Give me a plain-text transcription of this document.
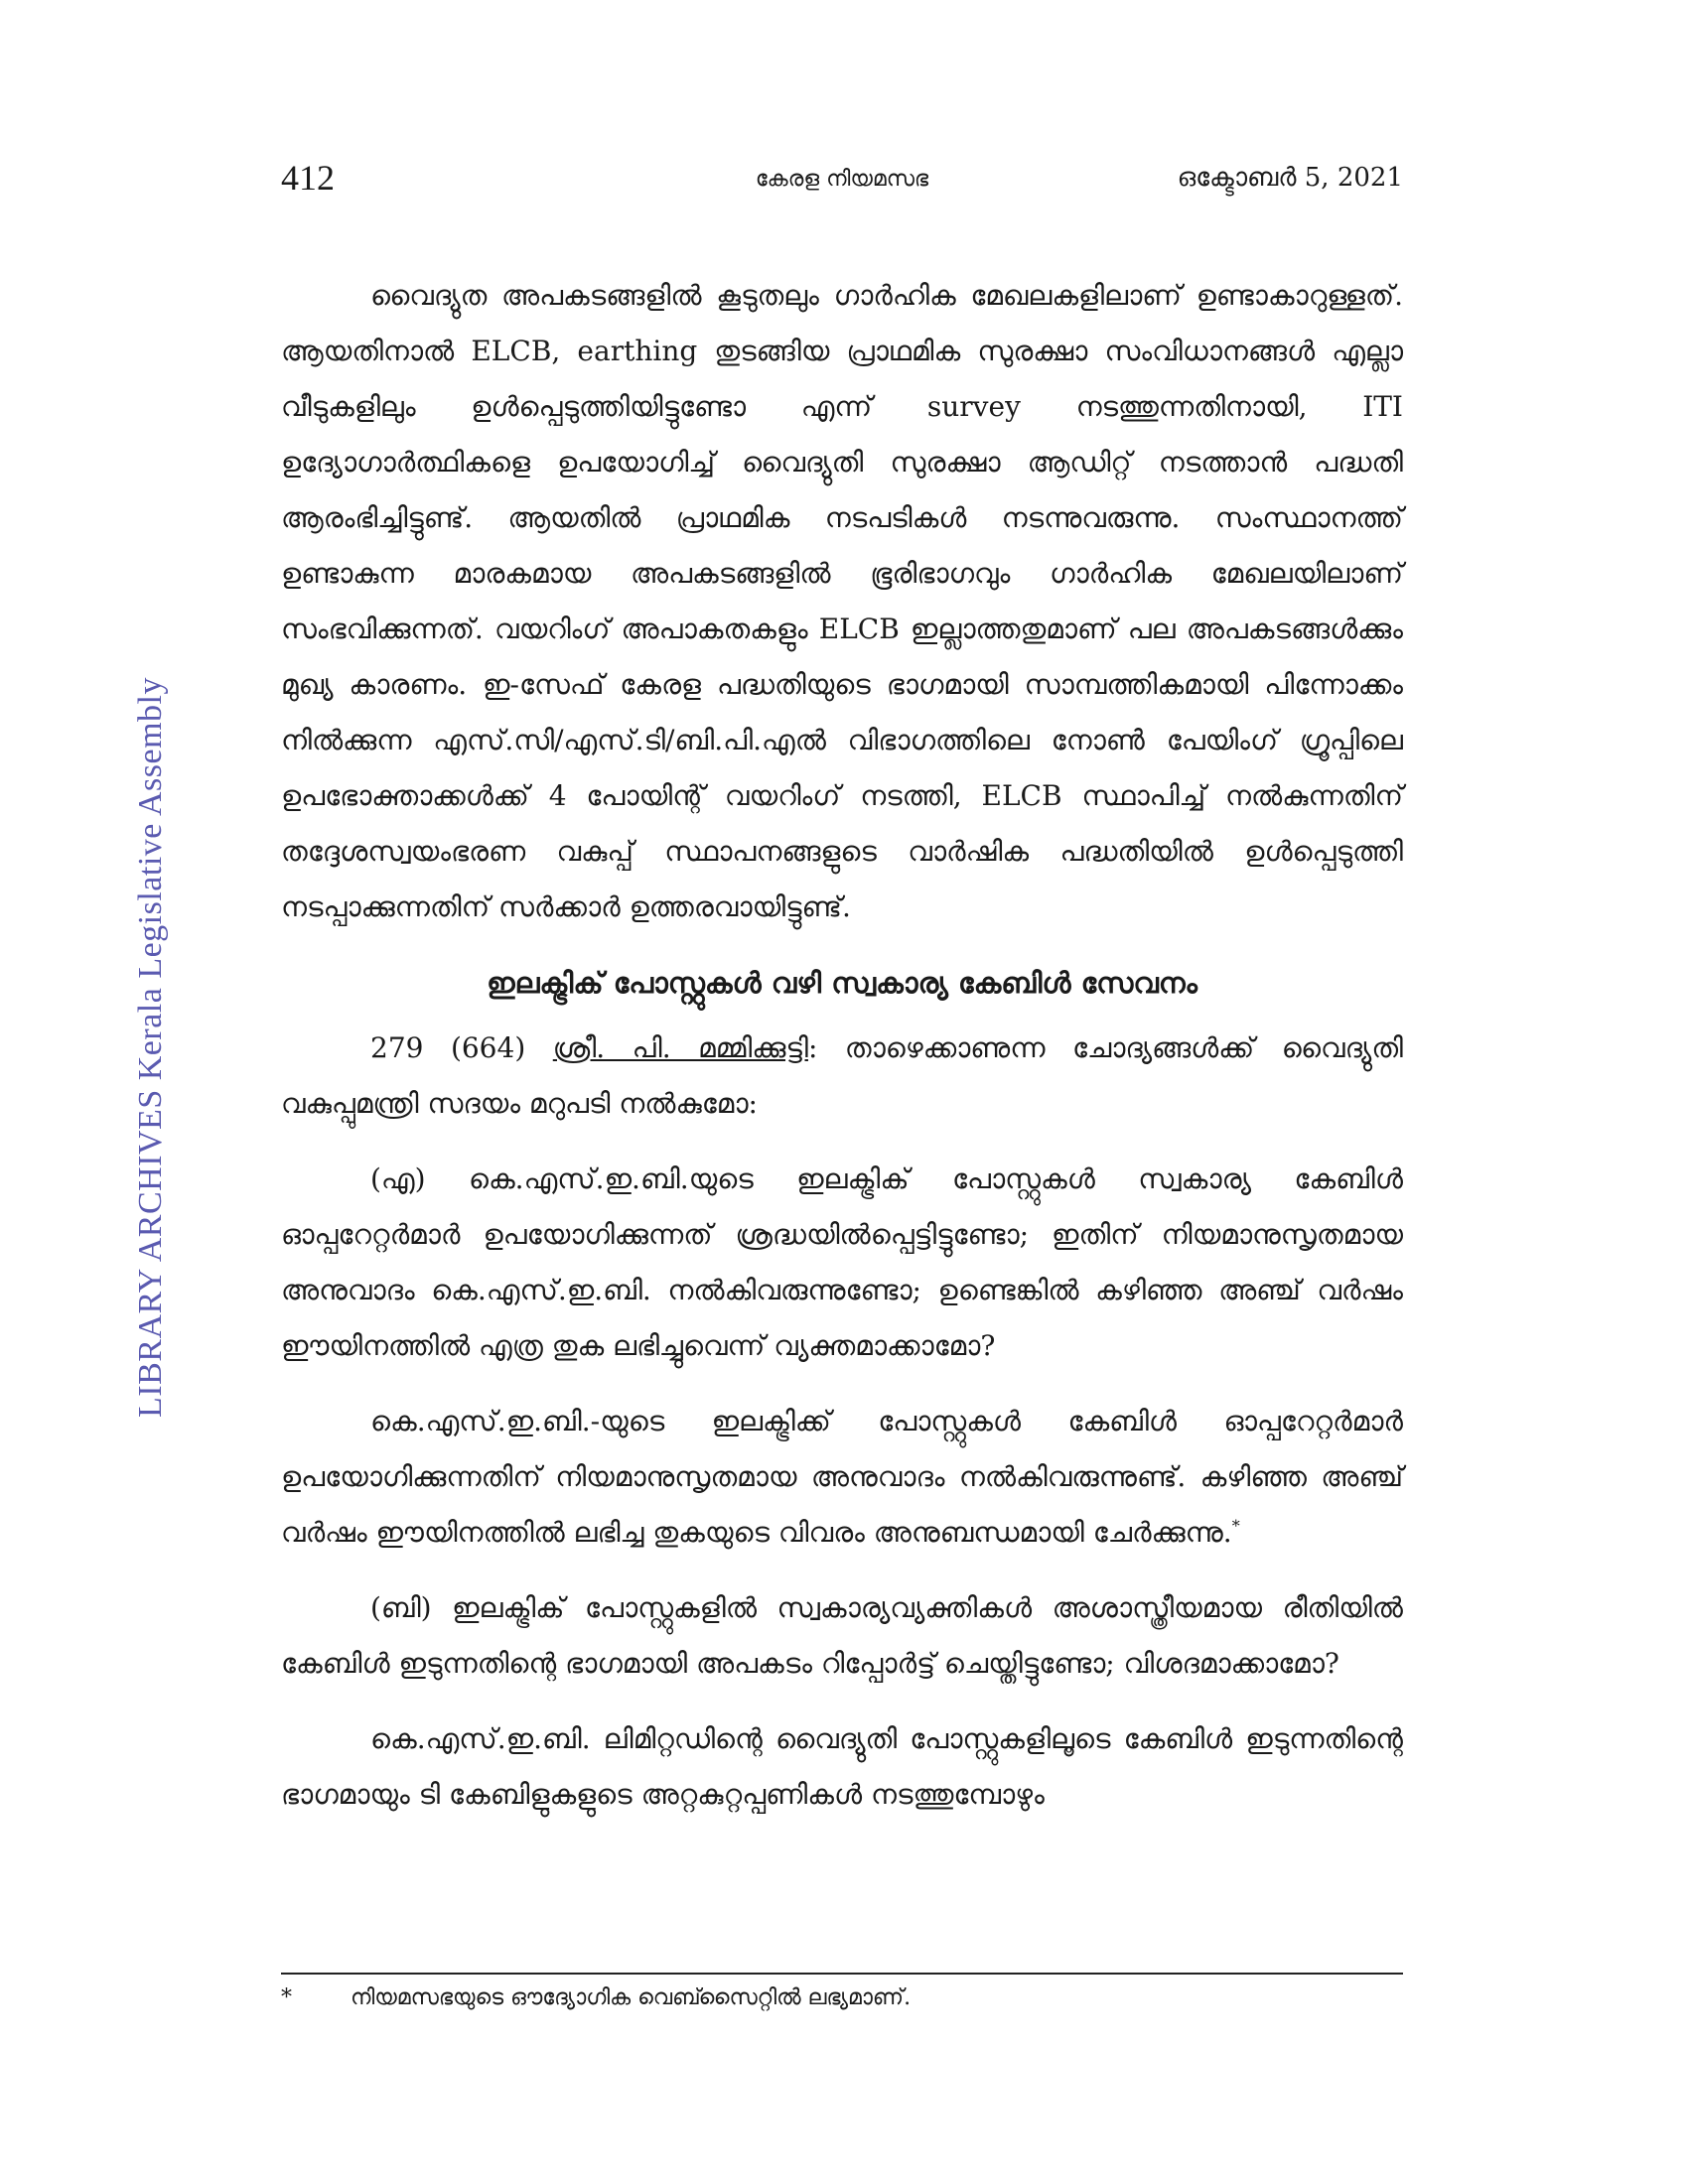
LIBRARY ARCHIVES Kerala Legislative Assembly
412	കേരള നിയമസഭ	ഒക്ടോബർ 5, 2021

വൈദ്യുത അപകടങ്ങളിൽ കൂടുതലും ഗാർഹിക മേഖലകളിലാണ് ഉണ്ടാകാറുള്ളത്. ആയതിനാൽ ELCB, earthing തുടങ്ങിയ പ്രാഥമിക സുരക്ഷാ സംവിധാനങ്ങൾ എല്ലാ വീടുകളിലും ഉൾപ്പെടുത്തിയിട്ടുണ്ടോ എന്ന് survey നടത്തുന്നതിനായി, ITI ഉദ്യോഗാർത്ഥികളെ ഉപയോഗിച്ച് വൈദ്യുതി സുരക്ഷാ ആഡിറ്റ് നടത്താൻ പദ്ധതി ആരംഭിച്ചിട്ടുണ്ട്. ആയതിൽ പ്രാഥമിക നടപടികൾ നടന്നുവരുന്നു. സംസ്ഥാനത്ത് ഉണ്ടാകുന്ന മാരകമായ അപകടങ്ങളിൽ ഭൂരിഭാഗവും ഗാർഹിക മേഖലയിലാണ് സംഭവിക്കുന്നത്. വയറിംഗ് അപാകതകളും ELCB ഇല്ലാത്തതുമാണ് പല അപകടങ്ങൾക്കും മുഖ്യ കാരണം. ഇ-സേഫ് കേരള പദ്ധതിയുടെ ഭാഗമായി സാമ്പത്തികമായി പിന്നോക്കം നിൽക്കുന്ന എസ്.സി/എസ്.ടി/ബി.പി.എൽ വിഭാഗത്തിലെ നോൺ പേയിംഗ് ഗ്രൂപ്പിലെ ഉപഭോക്താക്കൾക്ക് 4 പോയിന്റ് വയറിംഗ് നടത്തി, ELCB സ്ഥാപിച്ച് നൽകുന്നതിന് തദ്ദേശസ്വയംഭരണ വകുപ്പ് സ്ഥാപനങ്ങളുടെ വാർഷിക പദ്ധതിയിൽ ഉൾപ്പെടുത്തി നടപ്പാക്കുന്നതിന് സർക്കാർ ഉത്തരവായിട്ടുണ്ട്.

ഇലക്ട്രിക് പോസ്റ്റുകൾ വഴി സ്വകാര്യ കേബിൾ സേവനം

279 (664) ശ്രീ. പി. മമ്മിക്കുട്ടി: താഴെക്കാണുന്ന ചോദ്യങ്ങൾക്ക് വൈദ്യുതി വകുപ്പുമന്ത്രി സദയം മറുപടി നൽകുമോ:

(എ) കെ.എസ്.ഇ.ബി.യുടെ ഇലക്ട്രിക് പോസ്റ്റുകൾ സ്വകാര്യ കേബിൾ ഓപ്പറേറ്റർമാർ ഉപയോഗിക്കുന്നത് ശ്രദ്ധയിൽപ്പെട്ടിട്ടുണ്ടോ; ഇതിന് നിയമാനുസൃതമായ അനുവാദം കെ.എസ്.ഇ.ബി. നൽകിവരുന്നുണ്ടോ; ഉണ്ടെങ്കിൽ കഴിഞ്ഞ അഞ്ച് വർഷം ഈയിനത്തിൽ എത്ര തുക ലഭിച്ചുവെന്ന് വ്യക്തമാക്കാമോ?

കെ.എസ്.ഇ.ബി.-യുടെ ഇലക്ട്രിക്ക് പോസ്റ്റുകൾ കേബിൾ ഓപ്പറേറ്റർമാർ ഉപയോഗിക്കുന്നതിന് നിയമാനുസൃതമായ അനുവാദം നൽകിവരുന്നുണ്ട്. കഴിഞ്ഞ അഞ്ച് വർഷം ഈയിനത്തിൽ ലഭിച്ച തുകയുടെ വിവരം അനുബന്ധമായി ചേർക്കുന്നു.*

(ബി) ഇലക്ട്രിക് പോസ്റ്റുകളിൽ സ്വകാര്യവ്യക്തികൾ അശാസ്ത്രീയമായ രീതിയിൽ കേബിൾ ഇടുന്നതിന്റെ ഭാഗമായി അപകടം റിപ്പോർട്ട് ചെയ്തിട്ടുണ്ടോ; വിശദമാക്കാമോ?

കെ.എസ്.ഇ.ബി. ലിമിറ്റഡിന്റെ വൈദ്യുതി പോസ്റ്റുകളിലൂടെ കേബിൾ ഇടുന്നതിന്റെ ഭാഗമായും ടി കേബിളുകളുടെ അറ്റകുറ്റപ്പണികൾ നടത്തുമ്പോഴും

*	നിയമസഭയുടെ ഔദ്യോഗിക വെബ്സൈറ്റിൽ ലഭ്യമാണ്.
